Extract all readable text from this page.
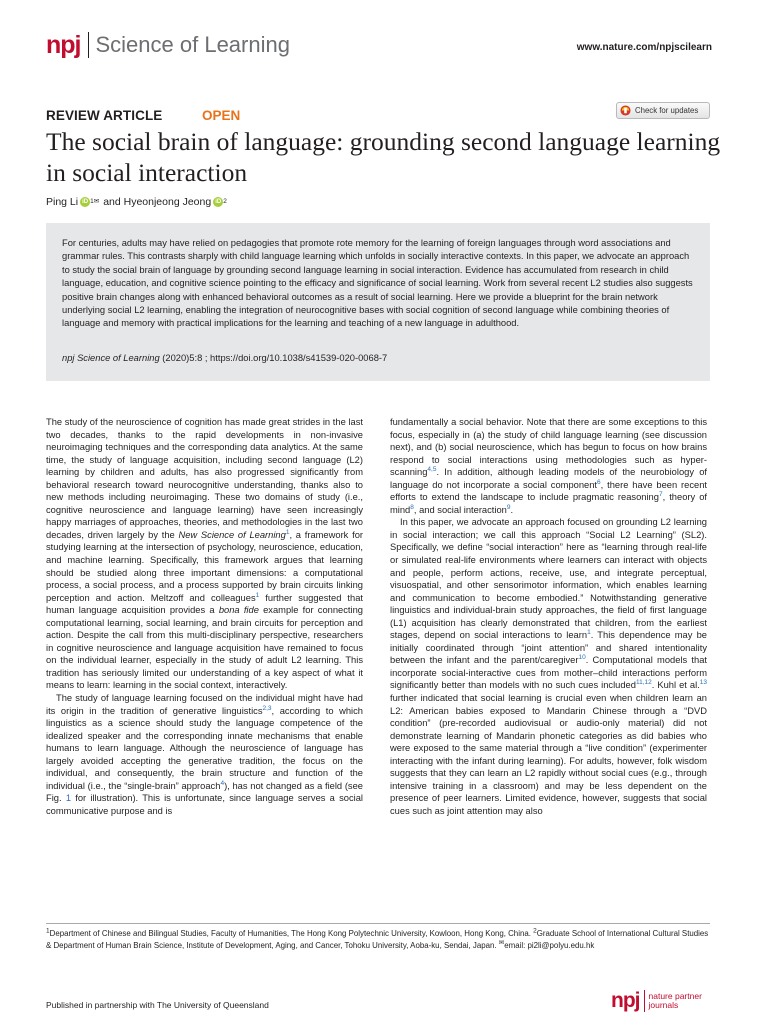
npj Science of Learning	www.nature.com/npjscilearn
REVIEW ARTICLE	OPEN	Check for updates
The social brain of language: grounding second language learning in social interaction
Ping Li iD 1 ✉ and Hyeonjeong Jeong iD 2

For centuries, adults may have relied on pedagogies that promote rote memory for the learning of foreign languages through word associations and grammar rules. This contrasts sharply with child language learning which unfolds in socially interactive contexts. In this paper, we advocate an approach to study the social brain of language by grounding second language learning in social interaction. Evidence has accumulated from research in child language, education, and cognitive science pointing to the efficacy and significance of social learning. Work from several recent L2 studies also suggests positive brain changes along with enhanced behavioral outcomes as a result of social learning. Here we provide a blueprint for the brain network underlying social L2 learning, enabling the integration of neurocognitive bases with social cognition of second language while combining theories of language and memory with practical implications for the learning and teaching of a new language in adulthood.

npj Science of Learning (2020)5:8 ; https://doi.org/10.1038/s41539-020-0068-7

The study of the neuroscience of cognition has made great strides in the last two decades, thanks to the rapid developments in non-invasive neuroimaging techniques and the corresponding data analytics. At the same time, the study of language acquisition, including second language (L2) learning by children and adults, has also progressed significantly from behavioral research toward neurocognitive understanding, thanks also to new methods including neuroimaging. These two domains of study (i.e., cognitive neuroscience and language learning) have seen increasingly happy marriages of approaches, theories, and methodologies in the last two decades, driven largely by the New Science of Learning$^1$, a framework for studying learning at the intersection of psychology, neuroscience, education, and machine learning. Specifically, this framework argues that learning should be studied along three important dimensions: a computational process, a social process, and a process supported by brain circuits linking perception and action. Meltzoff and colleagues$^1$ further suggested that human language acquisition provides a bona fide example for connecting computational learning, social learning, and brain circuits for perception and action. Despite the call from this multi-disciplinary perspective, researchers in cognitive neuroscience and language acquisition have remained to focus on the individual learner, especially in the study of adult L2 learning. This tradition has seriously limited our understanding of a key aspect of what it means to learn: learning in the social context, interactively.

The study of language learning focused on the individual might have had its origin in the tradition of generative linguistics$^{2,3}$, according to which linguistics as a science should study the language competence of the idealized speaker and the corresponding innate mechanisms that enable humans to learn language. Although the neuroscience of language has largely avoided accepting the generative tradition, the focus on the individual, and consequently, the brain structure and function of the individual (i.e., the “single-brain” approach$^4$), has not changed as a field (see Fig. 1 for illustration). This is unfortunate, since language serves a social communicative purpose and is

fundamentally a social behavior. Note that there are some exceptions to this focus, especially in (a) the study of child language learning (see discussion next), and (b) social neuroscience, which has begun to focus on how brains respond to social interactions using methodologies such as hyper-scanning$^{4,5}$. In addition, although leading models of the neurobiology of language do not incorporate a social component$^6$, there have been recent efforts to extend the landscape to include pragmatic reasoning$^7$, theory of mind$^8$, and social interaction$^9$.

In this paper, we advocate an approach focused on grounding L2 learning in social interaction; we call this approach “Social L2 Learning” (SL2). Specifically, we define “social interaction” here as “learning through real-life or simulated real-life environments where learners can interact with objects and people, perform actions, receive, use, and integrate perceptual, visuospatial, and other sensorimotor information, which enables learning and communication to become embodied.” Notwithstanding generative linguistics and individual-brain study approaches, the field of first language (L1) acquisition has clearly demonstrated that children, from the earliest stages, depend on social interactions to learn$^1$. This dependence may be initially coordinated through “joint attention” and shared intentionality between the infant and the parent/caregiver$^{10}$. Computational models that incorporate social-interactive cues from mother–child interactions perform significantly better than models with no such cues included$^{11,12}$. Kuhl et al.$^{13}$ further indicated that social learning is crucial even when children learn an L2: American babies exposed to Mandarin Chinese through a “DVD condition” (pre-recorded audiovisual or audio-only material) did not demonstrate learning of Mandarin phonetic categories as did babies who were exposed to the same material through a “live condition” (experimenter interacting with the infant during learning). For adults, however, folk wisdom suggests that they can learn an L2 rapidly without social cues (e.g., through intensive training in a classroom) and may be less dependent on the presence of peer learners. Limited evidence, however, suggests that social cues such as joint attention may also

$^1$Department of Chinese and Bilingual Studies, Faculty of Humanities, The Hong Kong Polytechnic University, Kowloon, Hong Kong, China. $^2$Graduate School of International Cultural Studies & Department of Human Brain Science, Institute of Development, Aging, and Cancer, Tohoku University, Aoba-ku, Sendai, Japan. ✉email: pi2li@polyu.edu.hk

Published in partnership with The University of Queensland	npj nature partner
journals
